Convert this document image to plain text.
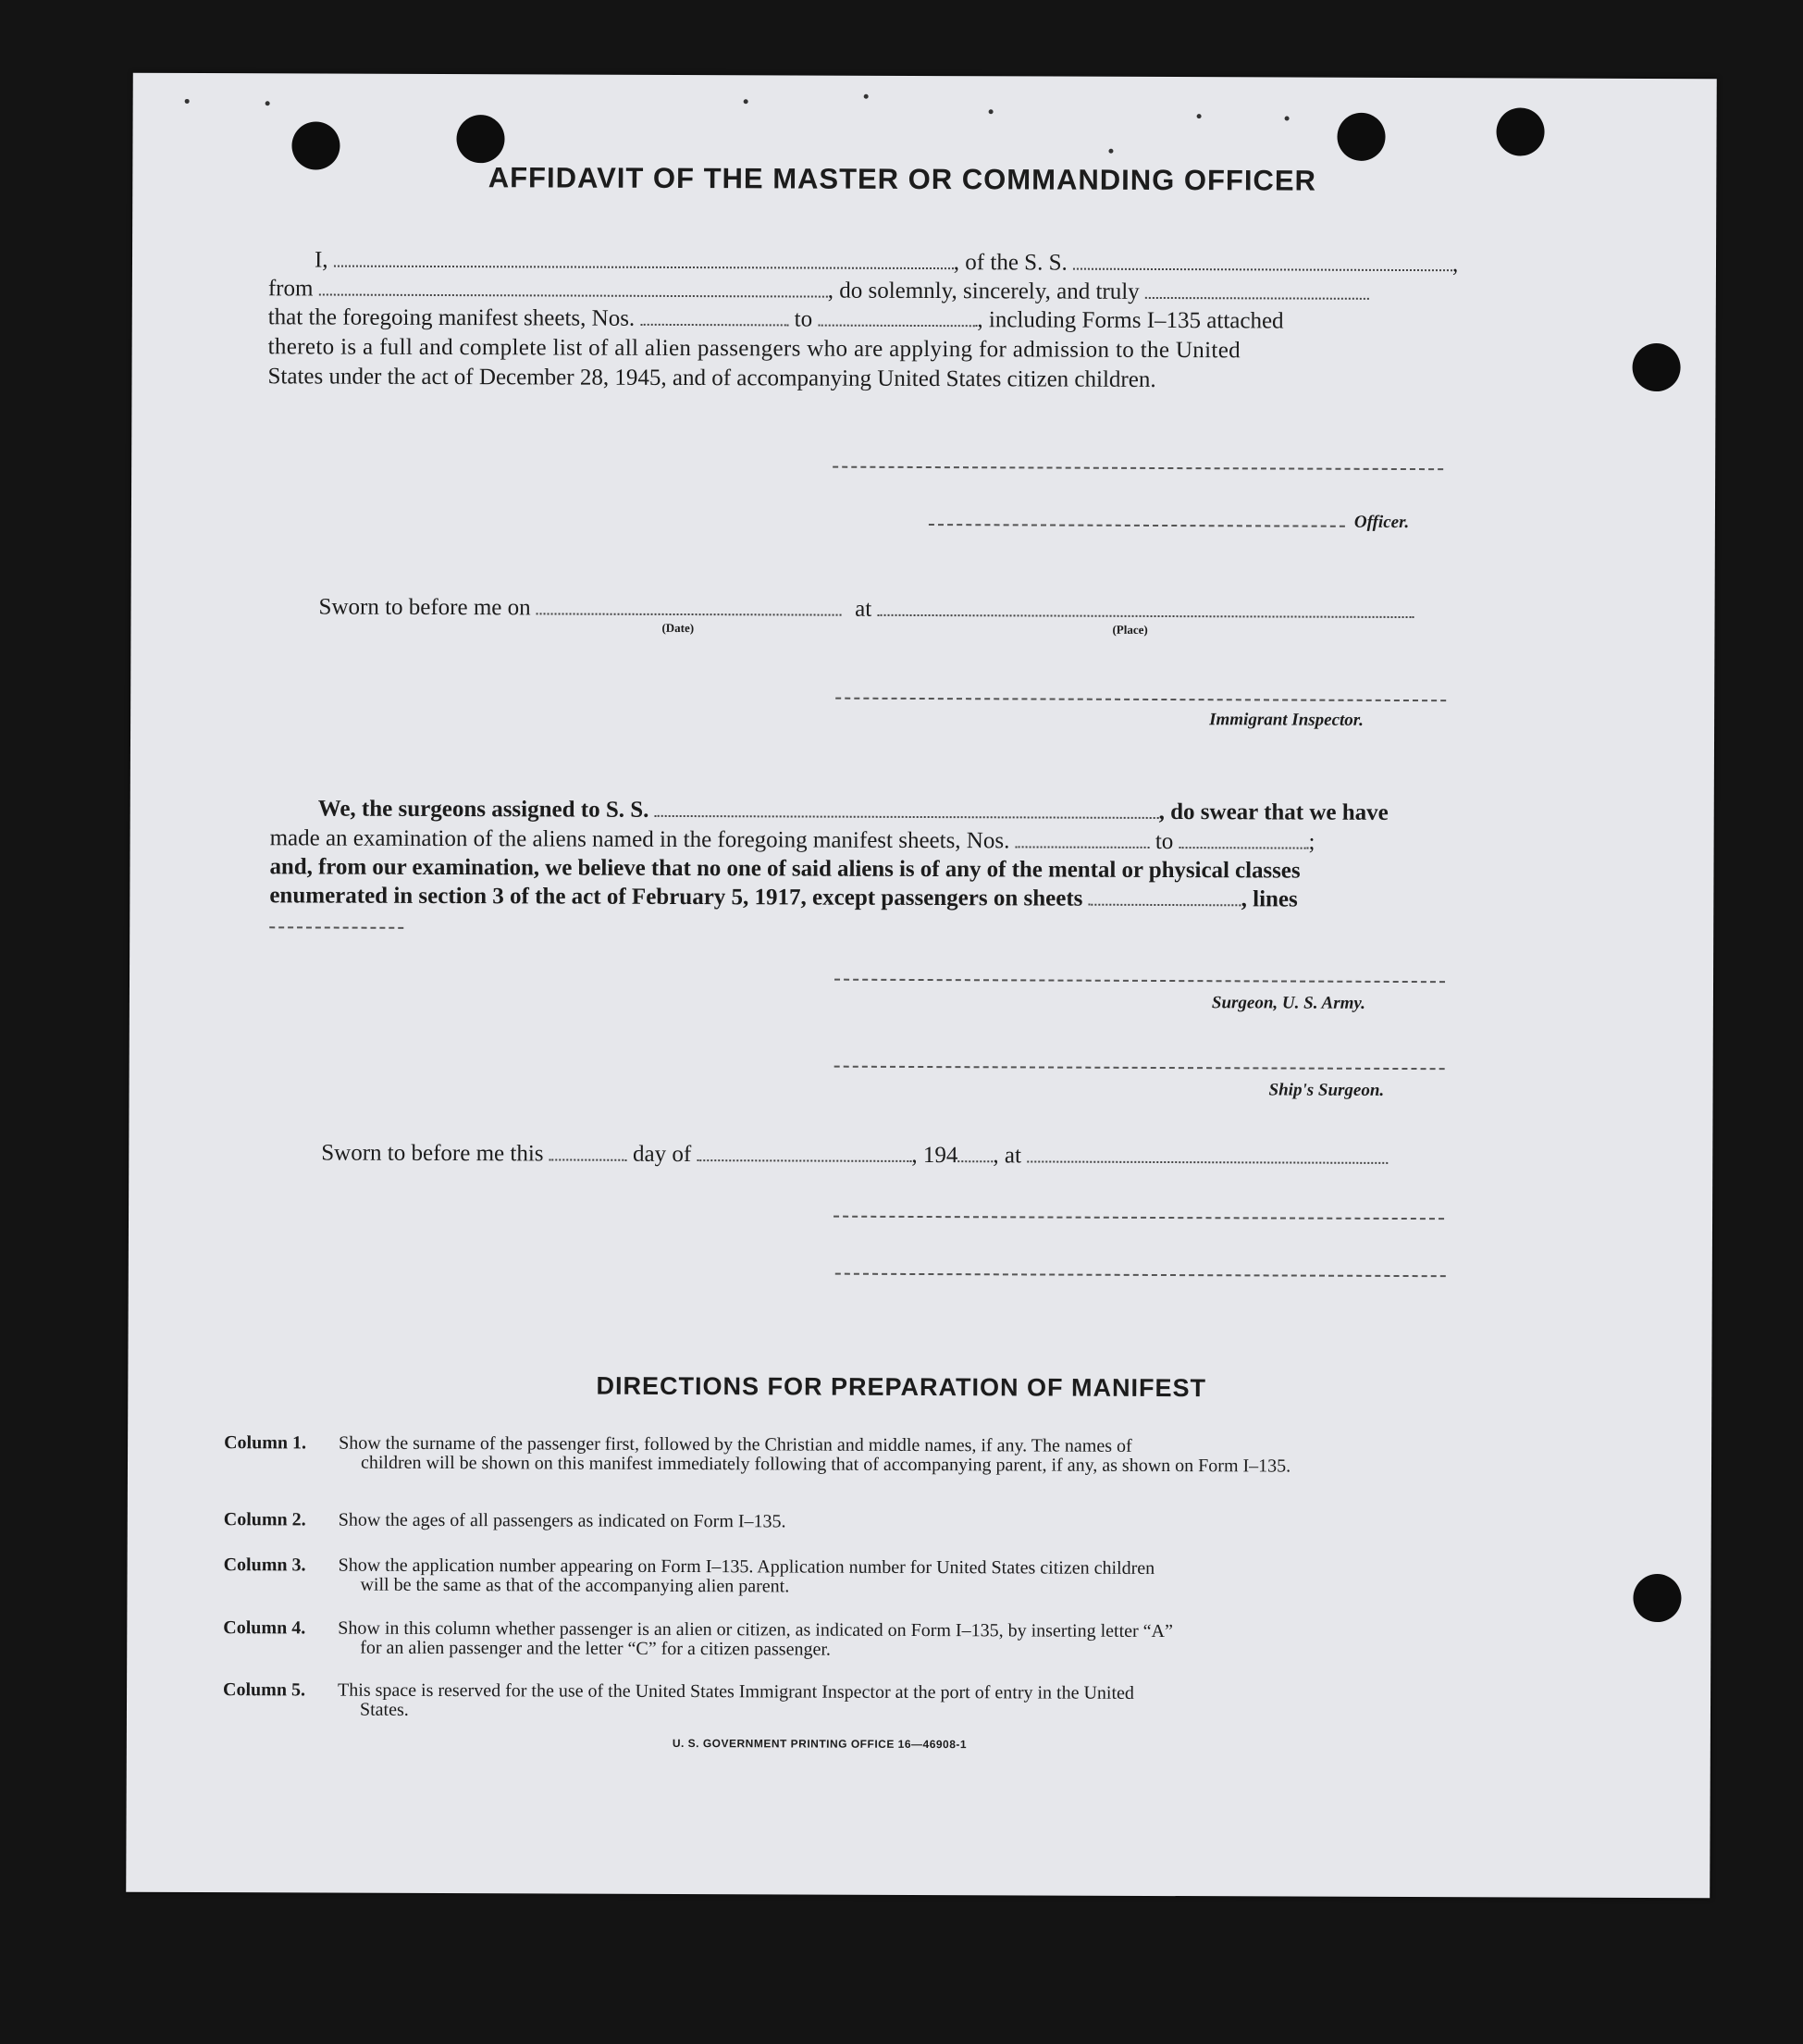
AFFIDAVIT OF THE MASTER OR COMMANDING OFFICER
I,	, of the S. S.	,
from	, do solemnly, sincerely, and truly
that the foregoing manifest sheets, Nos.	to	, including Forms I–135 attached
thereto is a full and complete list of all alien passengers who are applying for admission to the United
States under the act of December 28, 1945, and of accompanying United States citizen children.
Officer.
Sworn to before me on	at
(Date)	(Place)
Immigrant Inspector.
We, the surgeons assigned to S. S.	, do swear that we have
made an examination of the aliens named in the foregoing manifest sheets, Nos.	to	;
and, from our examination, we believe that no one of said aliens is of any of the mental or physical classes
enumerated in section 3 of the act of February 5, 1917, except passengers on sheets	, lines
Surgeon, U. S. Army.
Ship's Surgeon.
Sworn to before me this	day of	, 194 , at
DIRECTIONS FOR PREPARATION OF MANIFEST
Column 1.	Show the surname of the passenger first, followed by the Christian and middle names, if any. The names of
children will be shown on this manifest immediately following that of accompanying parent, if any, as shown on Form I–135.
Column 2.	Show the ages of all passengers as indicated on Form I–135.
Column 3.	Show the application number appearing on Form I–135. Application number for United States citizen children
will be the same as that of the accompanying alien parent.
Column 4.	Show in this column whether passenger is an alien or citizen, as indicated on Form I–135, by inserting letter “A”
for an alien passenger and the letter “C” for a citizen passenger.
Column 5.	This space is reserved for the use of the United States Immigrant Inspector at the port of entry in the United
States.
U. S. GOVERNMENT PRINTING OFFICE 16—46908-1
